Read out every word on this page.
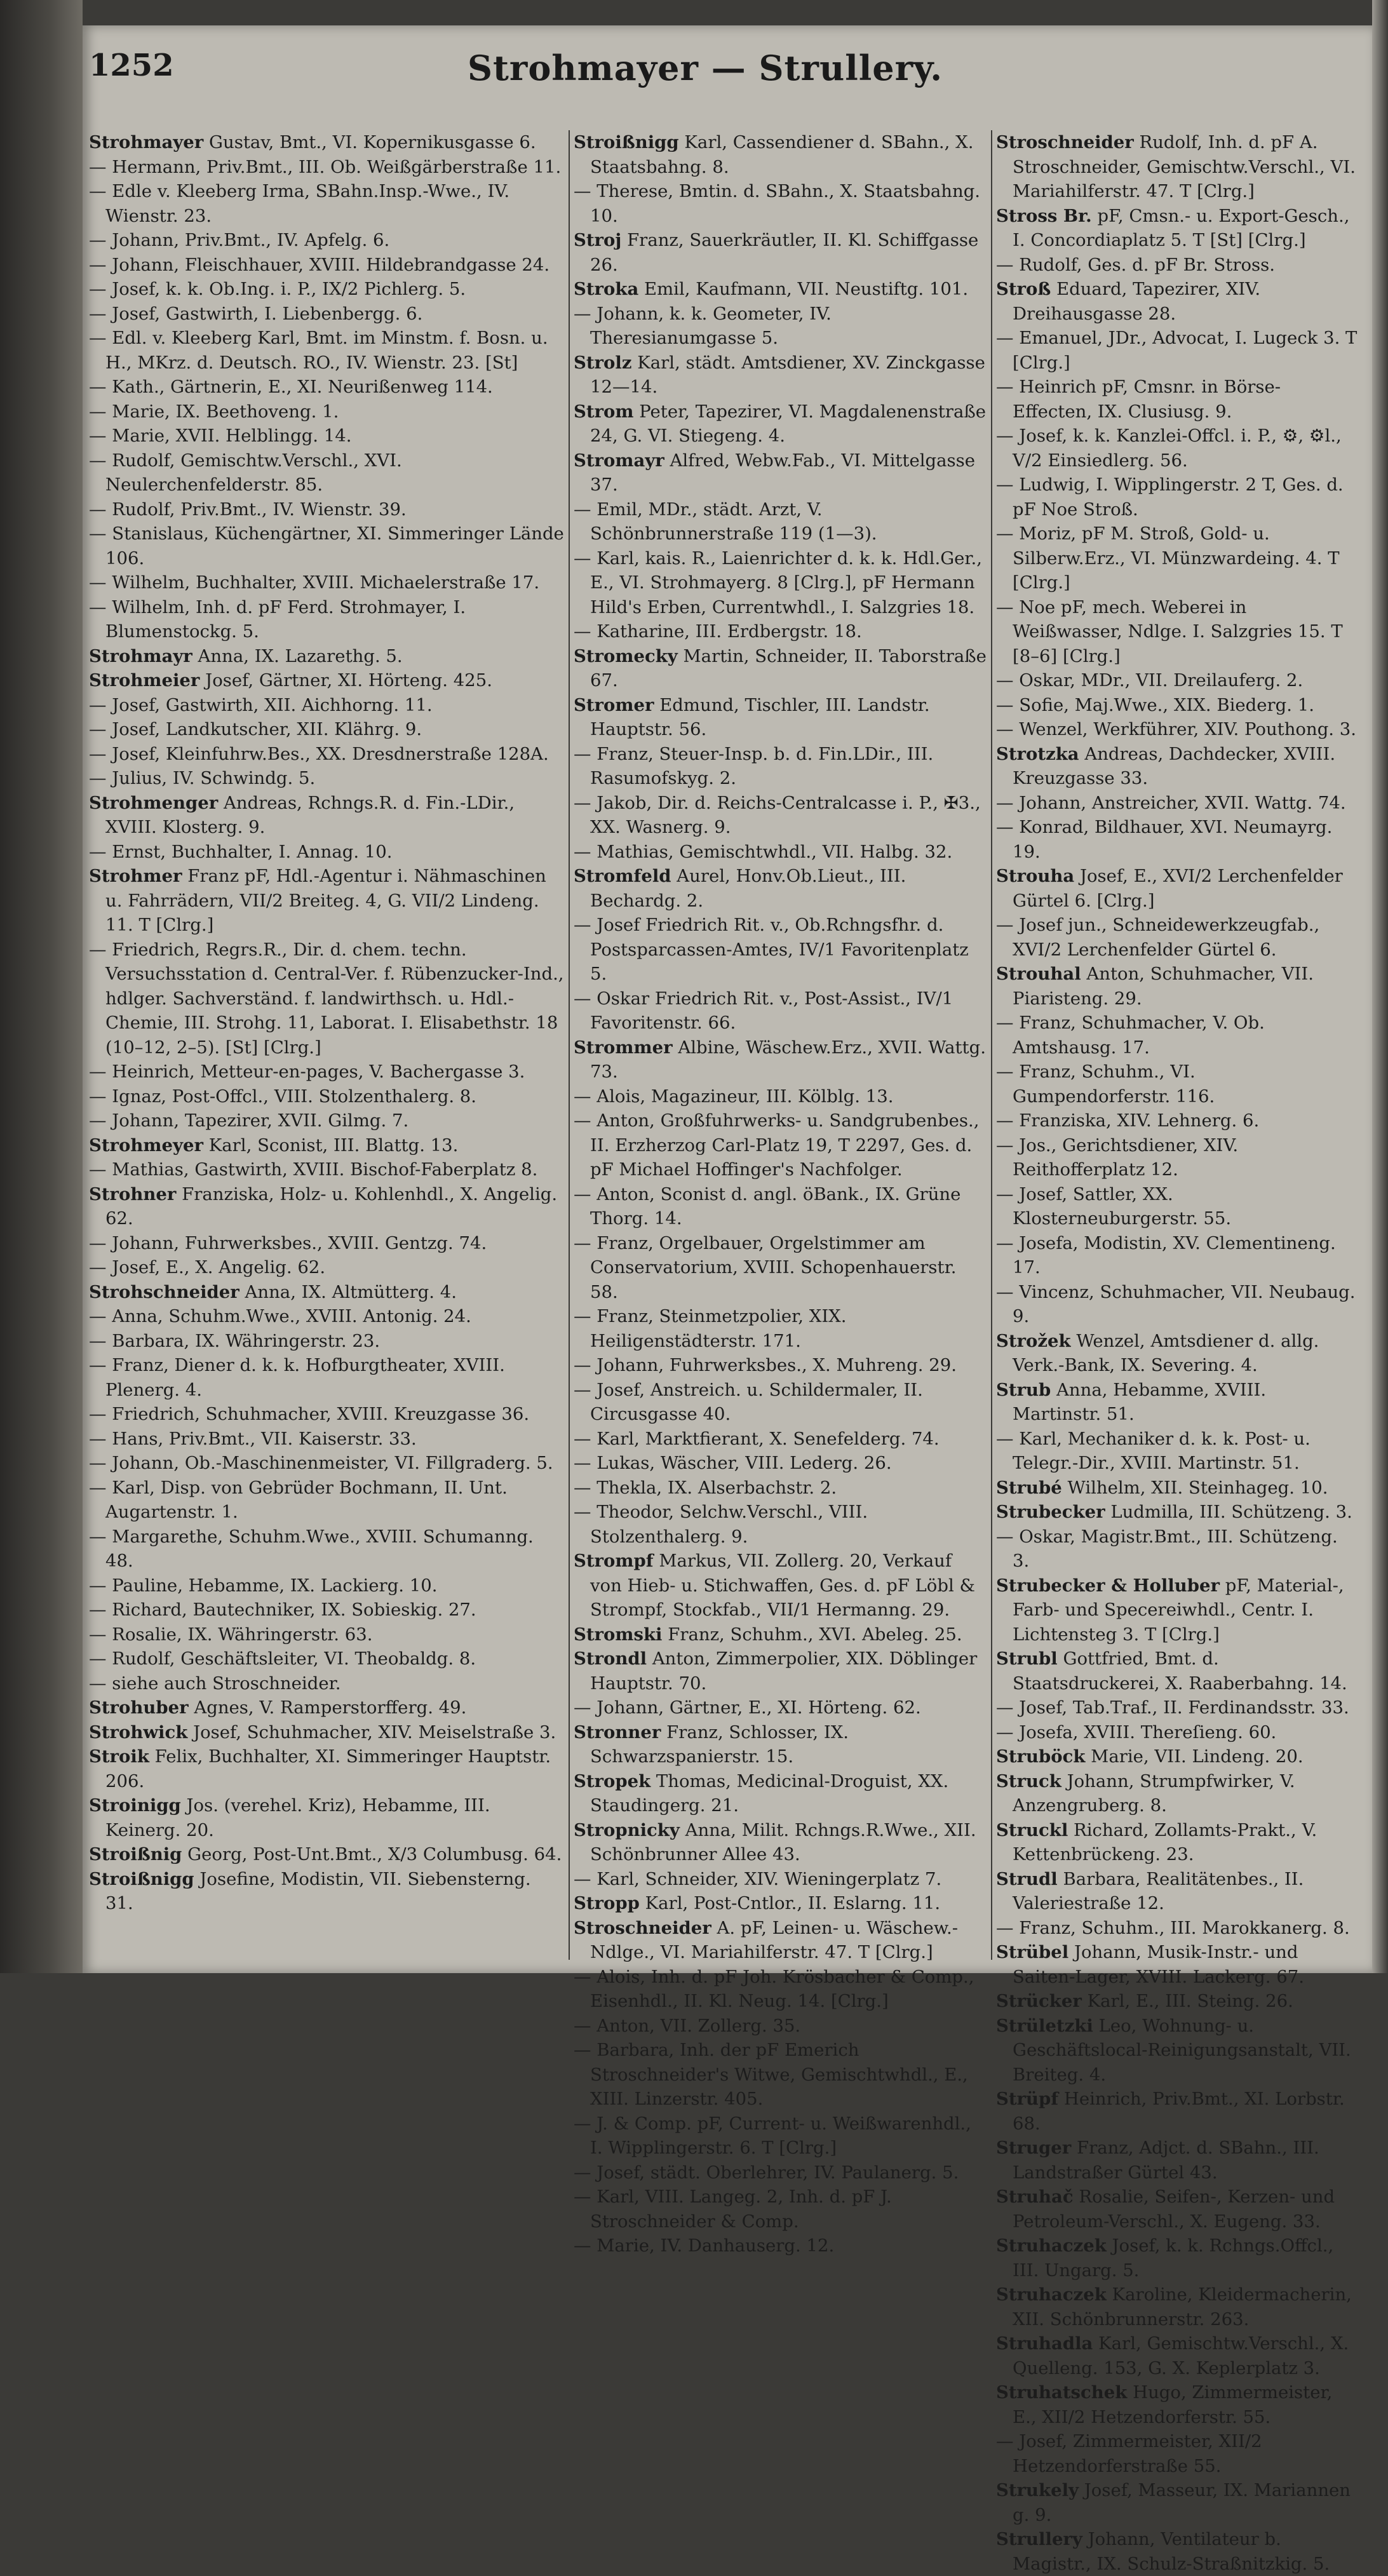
Strohmayer — Strullery.
1252

Strohmayer Gustav, Bmt., VI. Kopernikusgasse 6.

— Hermann, Priv.Bmt., III. Ob. Weißgärberstraße 11.

— Edle v. Kleeberg Irma, SBahn.Insp.-Wwe., IV. Wienstr. 23.

— Johann, Priv.Bmt., IV. Apfelg. 6.

— Johann, Fleischhauer, XVIII. Hildebrandgasse 24.

— Josef, k. k. Ob.Ing. i. P., IX/2 Pichlerg. 5.

— Josef, Gastwirth, I. Liebenbergg. 6.

— Edl. v. Kleeberg Karl, Bmt. im Minstm. f. Bosn. u. H., MKrz. d. Deutsch. RO., IV. Wienstr. 23. [St]

— Kath., Gärtnerin, E., XI. Neurißenweg 114.

— Marie, IX. Beethoveng. 1.

— Marie, XVII. Helblingg. 14.

— Rudolf, Gemischtw.Verschl., XVI. Neulerchenfelderstr. 85.

— Rudolf, Priv.Bmt., IV. Wienstr. 39.

— Stanislaus, Küchengärtner, XI. Simmeringer Lände 106.

— Wilhelm, Buchhalter, XVIII. Michaelerstraße 17.

— Wilhelm, Inh. d. pF Ferd. Strohmayer, I. Blumenstockg. 5.

Strohmayr Anna, IX. Lazarethg. 5.

Strohmeier Josef, Gärtner, XI. Hörteng. 425.

— Josef, Gastwirth, XII. Aichhorng. 11.

— Josef, Landkutscher, XII. Klährg. 9.

— Josef, Kleinfuhrw.Bes., XX. Dresdnerstraße 128A.

— Julius, IV. Schwindg. 5.

Strohmenger Andreas, Rchngs.R. d. Fin.-LDir., XVIII. Klosterg. 9.

— Ernst, Buchhalter, I. Annag. 10.

Strohmer Franz pF, Hdl.-Agentur i. Nähmaschinen u. Fahrrädern, VII/2 Breiteg. 4, G. VII/2 Lindeng. 11. T [Clrg.]

— Friedrich, Regrs.R., Dir. d. chem. techn. Versuchsstation d. Central-Ver. f. Rübenzucker-Ind., hdlger. Sachverständ. f. landwirthsch. u. Hdl.-Chemie, III. Strohg. 11, Laborat. I. Elisabethstr. 18 (10–12, 2–5). [St] [Clrg.]

— Heinrich, Metteur-en-pages, V. Bachergasse 3.

— Ignaz, Post-Offcl., VIII. Stolzenthalerg. 8.

— Johann, Tapezirer, XVII. Gilmg. 7.

Strohmeyer Karl, Sconist, III. Blattg. 13.

— Mathias, Gastwirth, XVIII. Bischof-Faberplatz 8.

Strohner Franziska, Holz- u. Kohlenhdl., X. Angelig. 62.

— Johann, Fuhrwerksbes., XVIII. Gentzg. 74.

— Josef, E., X. Angelig. 62.

Strohschneider Anna, IX. Altmütterg. 4.

— Anna, Schuhm.Wwe., XVIII. Antonig. 24.

— Barbara, IX. Währingerstr. 23.

— Franz, Diener d. k. k. Hofburgtheater, XVIII. Plenerg. 4.

— Friedrich, Schuhmacher, XVIII. Kreuzgasse 36.

— Hans, Priv.Bmt., VII. Kaiserstr. 33.

— Johann, Ob.-Maschinenmeister, VI. Fillgraderg. 5.

— Karl, Disp. von Gebrüder Bochmann, II. Unt. Augartenstr. 1.

— Margarethe, Schuhm.Wwe., XVIII. Schumanng. 48.

— Pauline, Hebamme, IX. Lackierg. 10.

— Richard, Bautechniker, IX. Sobieskig. 27.

— Rosalie, IX. Währingerstr. 63.

— Rudolf, Geschäftsleiter, VI. Theobaldg. 8.

— siehe auch Stroschneider.

Strohuber Agnes, V. Ramperstorfferg. 49.

Strohwick Josef, Schuhmacher, XIV. Meiselstraße 3.

Stroik Felix, Buchhalter, XI. Simmeringer Hauptstr. 206.

Stroinigg Jos. (verehel. Kriz), Hebamme, III. Keinerg. 20.

Stroißnig Georg, Post-Unt.Bmt., X/3 Columbusg. 64.

Stroißnigg Josefine, Modistin, VII. Siebensterng. 31.

Stroißnigg Karl, Cassendiener d. SBahn., X. Staatsbahng. 8.

— Therese, Bmtin. d. SBahn., X. Staatsbahng. 10.

Stroj Franz, Sauerkräutler, II. Kl. Schiffgasse 26.

Stroka Emil, Kaufmann, VII. Neustiftg. 101.

— Johann, k. k. Geometer, IV. Theresianumgasse 5.

Strolz Karl, städt. Amtsdiener, XV. Zinckgasse 12—14.

Strom Peter, Tapezirer, VI. Magdalenenstraße 24, G. VI. Stiegeng. 4.

Stromayr Alfred, Webw.Fab., VI. Mittelgasse 37.

— Emil, MDr., städt. Arzt, V. Schönbrunnerstraße 119 (1—3).

— Karl, kais. R., Laienrichter d. k. k. Hdl.Ger., E., VI. Strohmayerg. 8 [Clrg.], pF Hermann Hild's Erben, Currentwhdl., I. Salzgries 18.

— Katharine, III. Erdbergstr. 18.

Stromecky Martin, Schneider, II. Taborstraße 67.

Stromer Edmund, Tischler, III. Landstr. Hauptstr. 56.

— Franz, Steuer-Insp. b. d. Fin.LDir., III. Rasumofskyg. 2.

— Jakob, Dir. d. Reichs-Centralcasse i. P., ✠3., XX. Wasnerg. 9.

— Mathias, Gemischtwhdl., VII. Halbg. 32.

Stromfeld Aurel, Honv.Ob.Lieut., III. Bechardg. 2.

— Josef Friedrich Rit. v., Ob.Rchngsfhr. d. Postsparcassen-Amtes, IV/1 Favoritenplatz 5.

— Oskar Friedrich Rit. v., Post-Assist., IV/1 Favoritenstr. 66.

Strommer Albine, Wäschew.Erz., XVII. Wattg. 73.

— Alois, Magazineur, III. Kölblg. 13.

— Anton, Großfuhrwerks- u. Sandgrubenbes., II. Erzherzog Carl-Platz 19, T 2297, Ges. d. pF Michael Hoffinger's Nachfolger.

— Anton, Sconist d. angl. öBank., IX. Grüne Thorg. 14.

— Franz, Orgelbauer, Orgelstimmer am Conservatorium, XVIII. Schopenhauerstr. 58.

— Franz, Steinmetzpolier, XIX. Heiligenstädterstr. 171.

— Johann, Fuhrwerksbes., X. Muhreng. 29.

— Josef, Anstreich. u. Schildermaler, II. Circusgasse 40.

— Karl, Marktfierant, X. Senefelderg. 74.

— Lukas, Wäscher, VIII. Lederg. 26.

— Thekla, IX. Alserbachstr. 2.

— Theodor, Selchw.Verschl., VIII. Stolzenthalerg. 9.

Strompf Markus, VII. Zollerg. 20, Verkauf von Hieb- u. Stichwaffen, Ges. d. pF Löbl & Strompf, Stockfab., VII/1 Hermanng. 29.

Stromski Franz, Schuhm., XVI. Abeleg. 25.

Strondl Anton, Zimmerpolier, XIX. Döblinger Hauptstr. 70.

— Johann, Gärtner, E., XI. Hörteng. 62.

Stronner Franz, Schlosser, IX. Schwarzspanierstr. 15.

Stropek Thomas, Medicinal-Droguist, XX. Staudingerg. 21.

Stropnicky Anna, Milit. Rchngs.R.Wwe., XII. Schönbrunner Allee 43.

— Karl, Schneider, XIV. Wieningerplatz 7.

Stropp Karl, Post-Cntlor., II. Eslarng. 11.

Stroschneider A. pF, Leinen- u. Wäschew.-Ndlge., VI. Mariahilferstr. 47. T [Clrg.]

— Alois, Inh. d. pF Joh. Krösbacher & Comp., Eisenhdl., II. Kl. Neug. 14. [Clrg.]

— Anton, VII. Zollerg. 35.

— Barbara, Inh. der pF Emerich Stroschneider's Witwe, Gemischtwhdl., E., XIII. Linzerstr. 405.

— J. & Comp. pF, Current- u. Weißwarenhdl., I. Wipplingerstr. 6. T [Clrg.]

— Josef, städt. Oberlehrer, IV. Paulanerg. 5.

— Karl, VIII. Langeg. 2, Inh. d. pF J. Stroschneider & Comp.

— Marie, IV. Danhauserg. 12.

Stroschneider Rudolf, Inh. d. pF A. Stroschneider, Gemischtw.Verschl., VI. Mariahilferstr. 47. T [Clrg.]

Stross Br. pF, Cmsn.- u. Export-Gesch., I. Concordiaplatz 5. T [St] [Clrg.]

— Rudolf, Ges. d. pF Br. Stross.

Stroß Eduard, Tapezirer, XIV. Dreihausgasse 28.

— Emanuel, JDr., Advocat, I. Lugeck 3. T [Clrg.]

— Heinrich pF, Cmsnr. in Börse-Effecten, IX. Clusiusg. 9.

— Josef, k. k. Kanzlei-Offcl. i. P., ⚙, ⚙l., V/2 Einsiedlerg. 56.

— Ludwig, I. Wipplingerstr. 2 T, Ges. d. pF Noe Stroß.

— Moriz, pF M. Stroß, Gold- u. Silberw.Erz., VI. Münzwardeing. 4. T [Clrg.]

— Noe pF, mech. Weberei in Weißwasser, Ndlge. I. Salzgries 15. T [8–6] [Clrg.]

— Oskar, MDr., VII. Dreilauferg. 2.

— Sofie, Maj.Wwe., XIX. Biederg. 1.

— Wenzel, Werkführer, XIV. Pouthong. 3.

Strotzka Andreas, Dachdecker, XVIII. Kreuzgasse 33.

— Johann, Anstreicher, XVII. Wattg. 74.

— Konrad, Bildhauer, XVI. Neumayrg. 19.

Strouha Josef, E., XVI/2 Lerchenfelder Gürtel 6. [Clrg.]

— Josef jun., Schneidewerkzeugfab., XVI/2 Lerchenfelder Gürtel 6.

Strouhal Anton, Schuhmacher, VII. Piaristeng. 29.

— Franz, Schuhmacher, V. Ob. Amtshausg. 17.

— Franz, Schuhm., VI. Gumpendorferstr. 116.

— Franziska, XIV. Lehnerg. 6.

— Jos., Gerichtsdiener, XIV. Reithofferplatz 12.

— Josef, Sattler, XX. Klosterneuburgerstr. 55.

— Josefa, Modistin, XV. Clementineng. 17.

— Vincenz, Schuhmacher, VII. Neubaug. 9.

Strožek Wenzel, Amtsdiener d. allg. Verk.-Bank, IX. Severing. 4.

Strub Anna, Hebamme, XVIII. Martinstr. 51.

— Karl, Mechaniker d. k. k. Post- u. Telegr.-Dir., XVIII. Martinstr. 51.

Strubé Wilhelm, XII. Steinhageg. 10.

Strubecker Ludmilla, III. Schützeng. 3.

— Oskar, Magistr.Bmt., III. Schützeng. 3.

Strubecker & Holluber pF, Material-, Farb- und Specereiwhdl., Centr. I. Lichtensteg 3. T [Clrg.]

Strubl Gottfried, Bmt. d. Staatsdruckerei, X. Raaberbahng. 14.

— Josef, Tab.Traf., II. Ferdinandsstr. 33.

— Josefa, XVIII. Thereſieng. 60.

Struböck Marie, VII. Lindeng. 20.

Struck Johann, Strumpfwirker, V. Anzengruberg. 8.

Struckl Richard, Zollamts-Prakt., V. Kettenbrückeng. 23.

Strudl Barbara, Realitätenbes., II. Valeriestraße 12.

— Franz, Schuhm., III. Marokkanerg. 8.

Strübel Johann, Musik-Instr.- und Saiten-Lager, XVIII. Lackerg. 67.

Strücker Karl, E., III. Steing. 26.

Strületzki Leo, Wohnung- u. Geschäftslocal-Reinigungsanstalt, VII. Breiteg. 4.

Strüpf Heinrich, Priv.Bmt., XI. Lorbstr. 68.

Struger Franz, Adjct. d. SBahn., III. Landstraßer Gürtel 43.

Struhač Rosalie, Seifen-, Kerzen- und Petroleum-Verschl., X. Eugeng. 33.

Struhaczek Josef, k. k. Rchngs.Offcl., III. Ungarg. 5.

Struhaczek Karoline, Kleidermacherin, XII. Schönbrunnerstr. 263.

Struhadla Karl, Gemischtw.Verschl., X. Quelleng. 153, G. X. Keplerplatz 3.

Struhatschek Hugo, Zimmermeister, E., XII/2 Hetzendorferstr. 55.

— Josef, Zimmermeister, XII/2 Hetzendorferstraße 55.

Strukely Josef, Masseur, IX. Mariannen g. 9.

Strullery Johann, Ventilateur b. Magistr., IX. Schulz-Straßnitzkig. 5.
